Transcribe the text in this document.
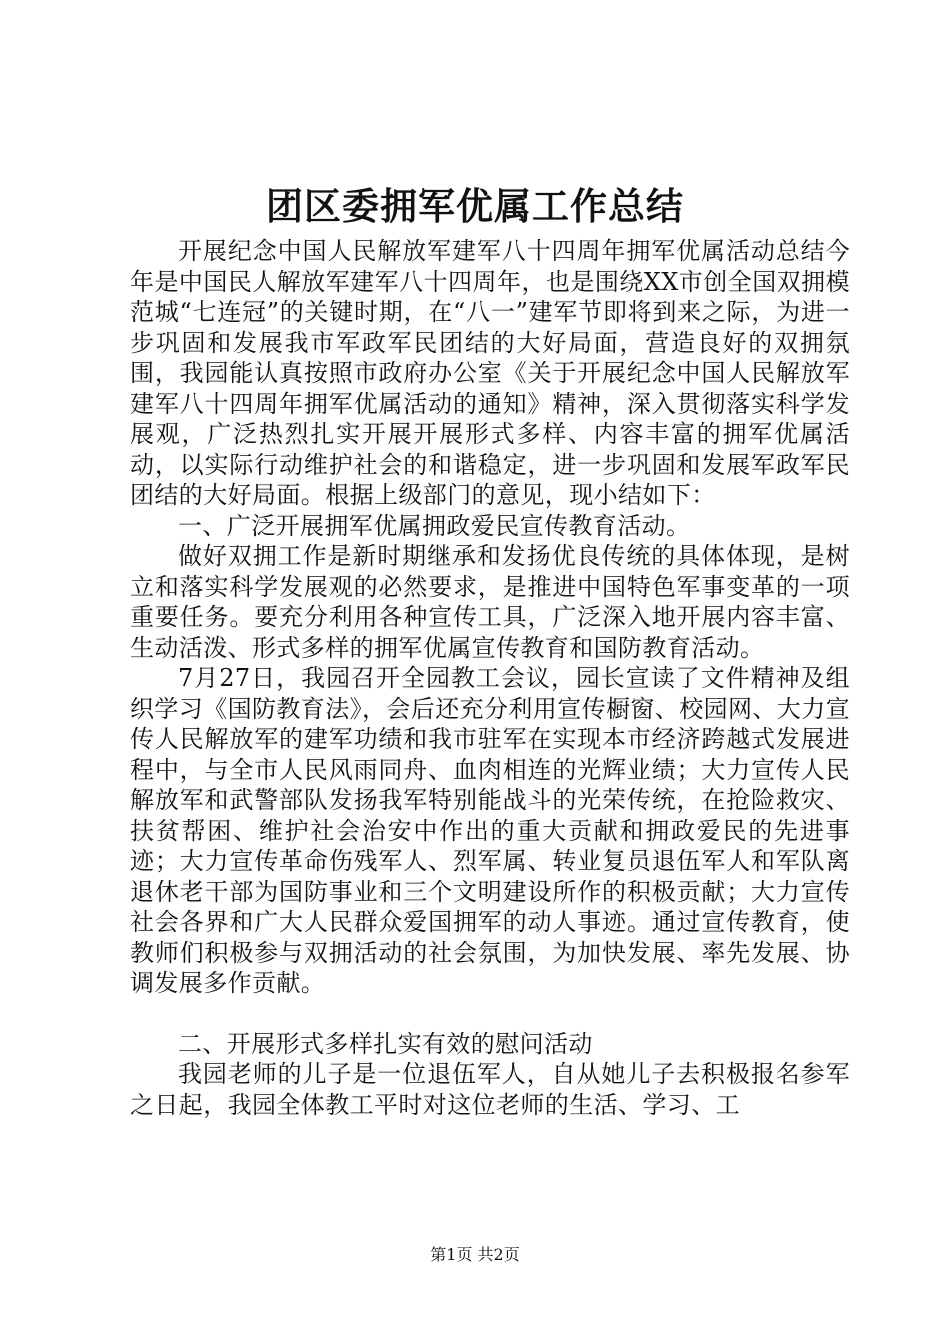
团区委拥军优属工作总结

开展纪念中国人民解放军建军八十四周年拥军优属活动总结今年是中国民人解放军建军八十四周年，也是围绕XX市创全国双拥模范城“七连冠”的关键时期，在“八一”建军节即将到来之际，为进一步巩固和发展我市军政军民团结的大好局面，营造良好的双拥氛围，我园能认真按照市政府办公室《关于开展纪念中国人民解放军建军八十四周年拥军优属活动的通知》精神，深入贯彻落实科学发展观，广泛热烈扎实开展开展形式多样、内容丰富的拥军优属活动，以实际行动维护社会的和谐稳定，进一步巩固和发展军政军民团结的大好局面。根据上级部门的意见，现小结如下：

一、广泛开展拥军优属拥政爱民宣传教育活动。

做好双拥工作是新时期继承和发扬优良传统的具体体现，是树立和落实科学发展观的必然要求，是推进中国特色军事变革的一项重要任务。要充分利用各种宣传工具，广泛深入地开展内容丰富、生动活泼、形式多样的拥军优属宣传教育和国防教育活动。

7月27日，我园召开全园教工会议，园长宣读了文件精神及组织学习《国防教育法》，会后还充分利用宣传橱窗、校园网、大力宣传人民解放军的建军功绩和我市驻军在实现本市经济跨越式发展进程中，与全市人民风雨同舟、血肉相连的光辉业绩；大力宣传人民解放军和武警部队发扬我军特别能战斗的光荣传统，在抢险救灾、扶贫帮困、维护社会治安中作出的重大贡献和拥政爱民的先进事迹；大力宣传革命伤残军人、烈军属、转业复员退伍军人和军队离退休老干部为国防事业和三个文明建设所作的积极贡献；大力宣传社会各界和广大人民群众爱国拥军的动人事迹。通过宣传教育，使教师们积极参与双拥活动的社会氛围，为加快发展、率先发展、协调发展多作贡献。

二、开展形式多样扎实有效的慰问活动

我园老师的儿子是一位退伍军人，自从她儿子去积极报名参军之日起，我园全体教工平时对这位老师的生活、学习、工

第1页 共2页
